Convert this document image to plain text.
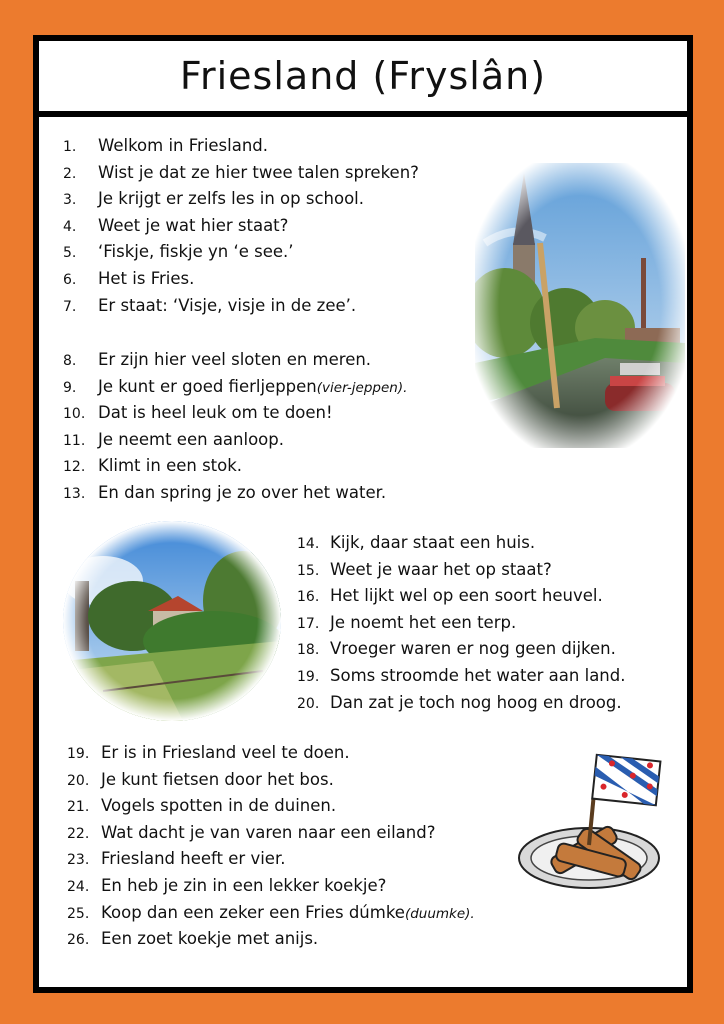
Friesland (Fryslân)
1.	Welkom in Friesland.
2.	Wist je dat ze hier twee talen spreken?
3.	Je krijgt er zelfs les in op school.
4.	Weet je wat hier staat?
5.	‘Fiskje, fiskje yn ‘e see.’
6.	Het is Fries.
7.	Er staat: ‘Visje, visje in de zee’.
8.	Er zijn hier veel sloten en meren.
9.	Je kunt er goed fierljeppen (vier-jeppen).
10. Dat is heel leuk om te doen!
11. Je neemt een aanloop.
12. Klimt in een stok.
13. En dan spring je zo over het water.
14. Kijk, daar staat een huis.
15. Weet je waar het op staat?
16. Het lijkt wel op een soort heuvel.
17. Je noemt het een terp.
18. Vroeger waren er nog geen dijken.
19. Soms stroomde het water aan land.
20. Dan zat je toch nog hoog en droog.
19. Er is in Friesland veel te doen.
20. Je kunt fietsen door het bos.
21. Vogels spotten in de duinen.
22. Wat dacht je van varen naar een eiland?
23. Friesland heeft er vier.
24. En heb je zin in een lekker koekje?
25. Koop dan een zeker een Fries dúmke (duumke).
26. Een zoet koekje met anijs.
